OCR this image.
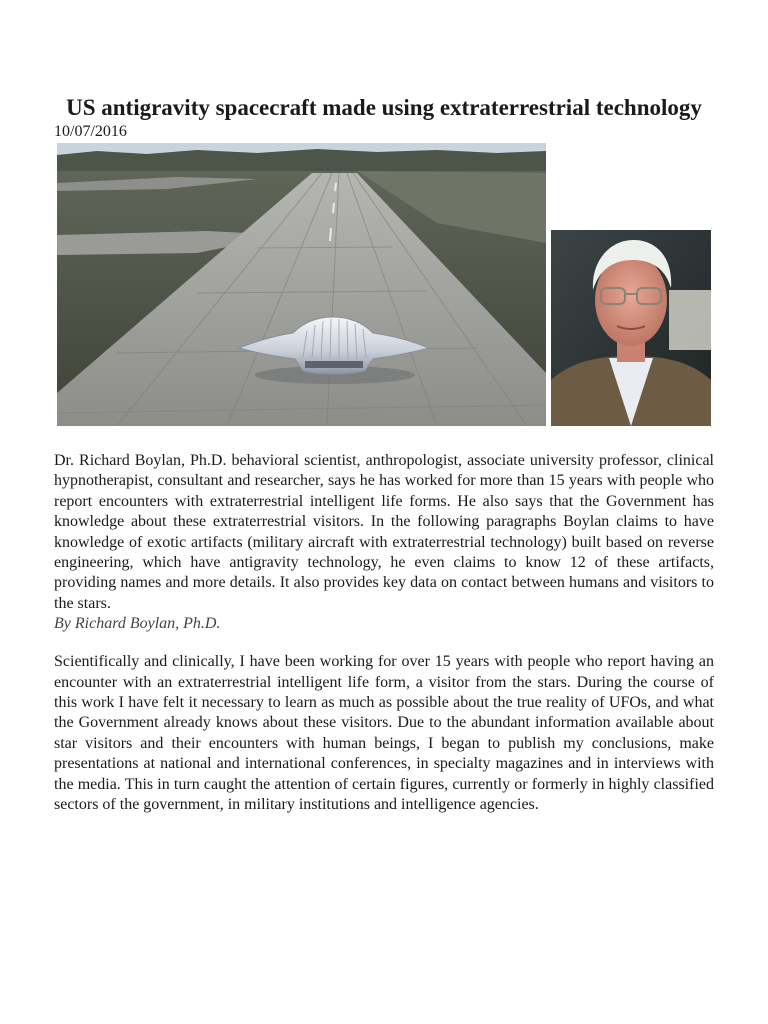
US antigravity spacecraft made using extraterrestrial technology
10/07/2016

Dr. Richard Boylan, Ph.D. behavioral scientist, anthropologist, associate university professor, clinical hypnotherapist, consultant and researcher, says he has worked for more than 15 years with people who report encounters with extraterrestrial intelligent life forms. He also says that the Government has knowledge about these extraterrestrial visitors. In the following paragraphs Boylan claims to have knowledge of exotic artifacts (military aircraft with extraterrestrial technology) built based on reverse engineering, which have antigravity technology, he even claims to know 12 of these artifacts, providing names and more details. It also provides key data on contact between humans and visitors to the stars.

By Richard Boylan, Ph.D.

Scientifically and clinically, I have been working for over 15 years with people who report having an encounter with an extraterrestrial intelligent life form, a visitor from the stars. During the course of this work I have felt it necessary to learn as much as possible about the true reality of UFOs, and what the Government already knows about these visitors. Due to the abundant information available about star visitors and their encounters with human beings, I began to publish my conclusions, make presentations at national and international conferences, in specialty magazines and in interviews with the media. This in turn caught the attention of certain figures, currently or formerly in highly classified sectors of the government, in military institutions and intelligence agencies.
